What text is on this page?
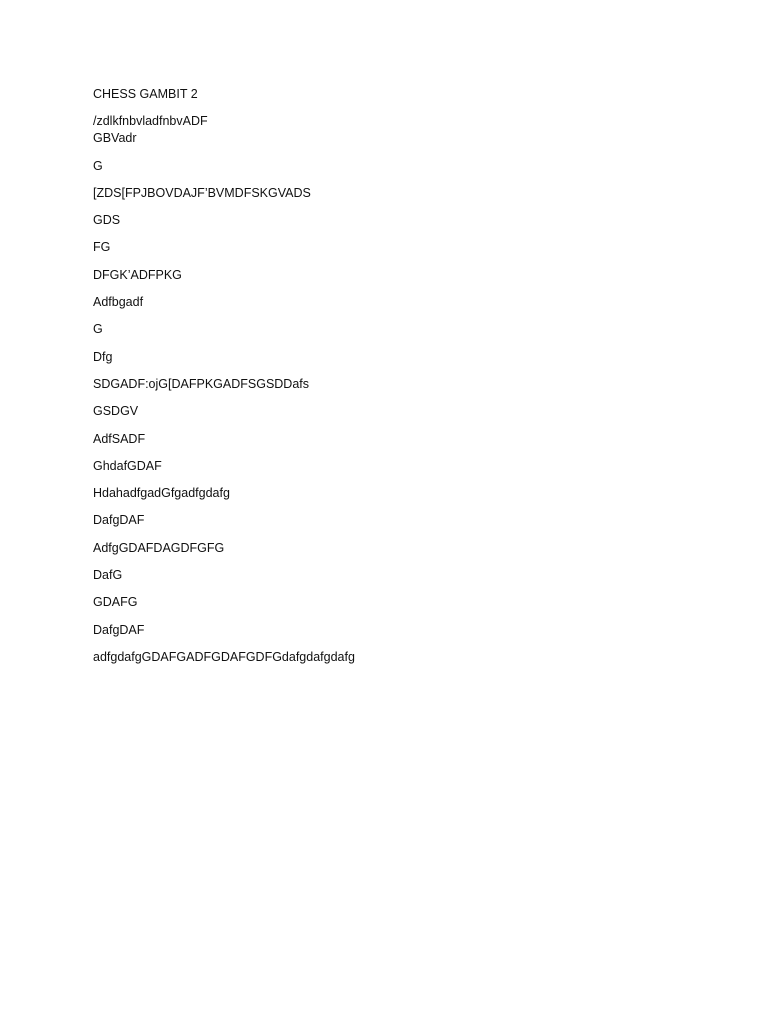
CHESS GAMBIT 2

/zdlkfnbvladfnbvADF

GBVadr

G

[ZDS[FPJBOVDAJF’BVMDFSKGVADS

GDS

FG

DFGK’ADFPKG

Adfbgadf

G

Dfg

SDGADF:ojG[DAFPKGADFSGSDDafs

GSDGV

AdfSADF

GhdafGDAF

HdahadfgadGfgadfgdafg

DafgDAF

AdfgGDAFDAGDFGFG

DafG

GDAFG

DafgDAF

adfgdafgGDAFGADFGDAFGDFGdafgdafgdafg
